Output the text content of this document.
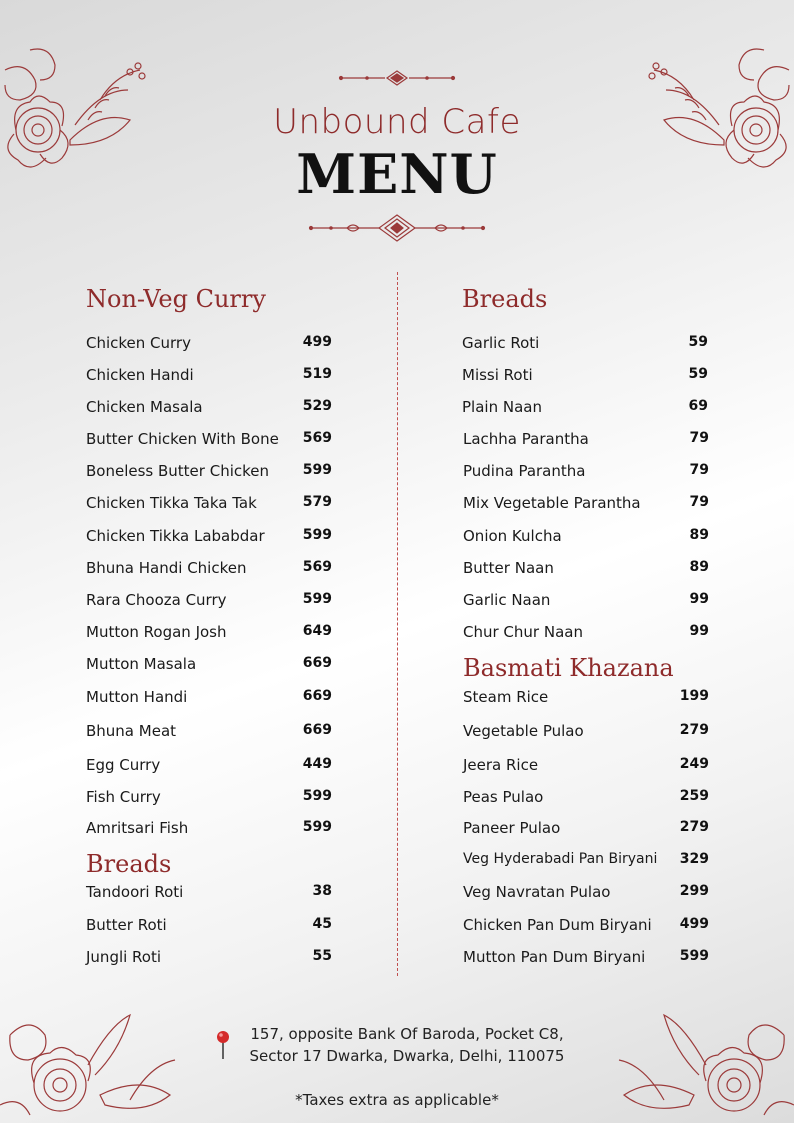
Unbound Cafe
MENU
Non-Veg Curry
Chicken Curry	499
Chicken Handi	519
Chicken Masala	529
Butter Chicken With Bone	569
Boneless Butter Chicken	599
Chicken Tikka Taka Tak	579
Chicken Tikka Lababdar	599
Bhuna Handi Chicken	569
Rara Chooza Curry	599
Mutton Rogan Josh	649
Mutton Masala	669
Mutton Handi	669
Bhuna Meat	669
Egg Curry	449
Fish Curry	599
Amritsari Fish	599
Breads
Tandoori Roti	38
Butter Roti	45
Jungli Roti	55
Breads
Garlic Roti	59
Missi Roti	59
Plain Naan	69
Lachha Parantha	79
Pudina Parantha	79
Mix Vegetable Parantha	79
Onion Kulcha	89
Butter Naan	89
Garlic Naan	99
Chur Chur Naan	99
Basmati Khazana
Steam Rice	199
Vegetable Pulao	279
Jeera Rice	249
Peas Pulao	259
Paneer Pulao	279
Veg Hyderabadi Pan Biryani	329
Veg Navratan Pulao	299
Chicken Pan Dum Biryani	499
Mutton Pan Dum Biryani	599
157, opposite Bank Of Baroda, Pocket C8,
Sector 17 Dwarka, Dwarka, Delhi, 110075
*Taxes extra as applicable*
